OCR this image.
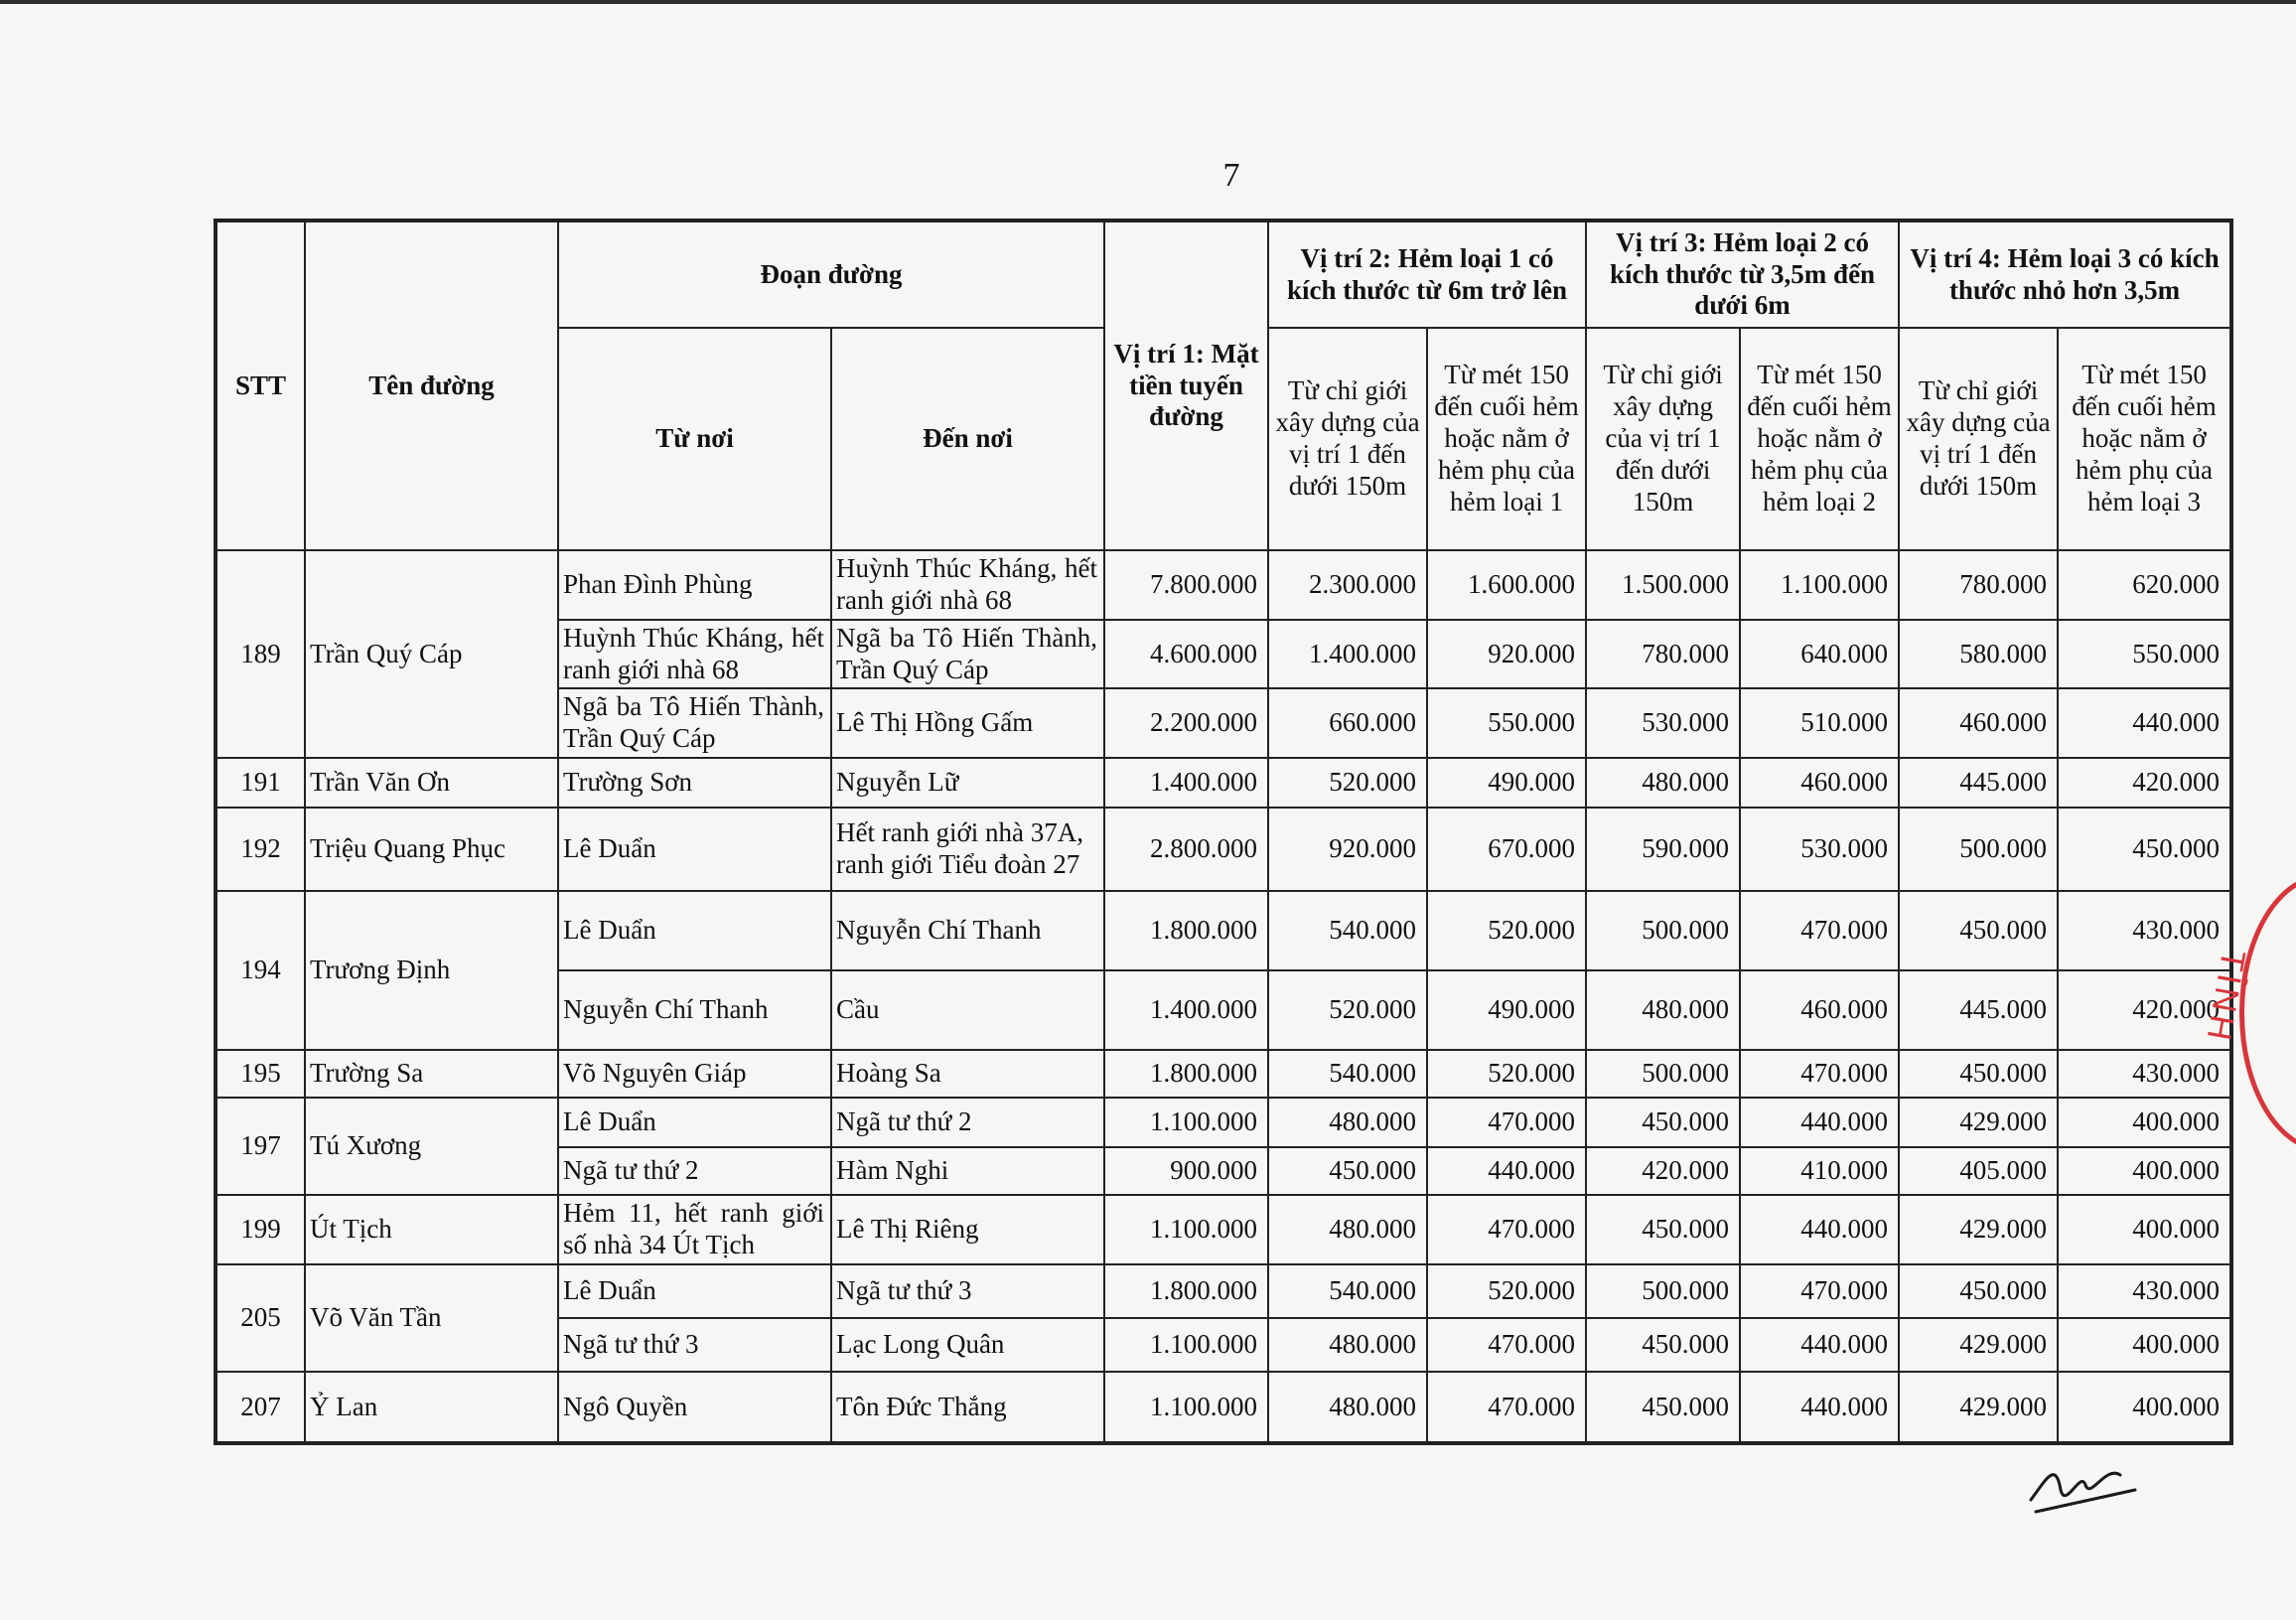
7
STT	Tên đường	Đoạn đường		Vị trí 1: Mặt tiền tuyến đường	Vị trí 2: Hẻm loại 1 có kích thước từ 6m trở lên		Vị trí 3: Hẻm loại 2 có kích thước từ 3,5m đến dưới 6m		Vị trí 4: Hẻm loại 3 có kích thước nhỏ hơn 3,5m	
		Từ nơi	Đến nơi		Từ chỉ giới xây dựng của vị trí 1 đến dưới 150m	Từ mét 150 đến cuối hẻm hoặc nằm ở hẻm phụ của hẻm loại 1	Từ chỉ giới xây dựng của vị trí 1 đến dưới 150m	Từ mét 150 đến cuối hẻm hoặc nằm ở hẻm phụ của hẻm loại 2	Từ chỉ giới xây dựng của vị trí 1 đến dưới 150m	Từ mét 150 đến cuối hẻm hoặc nằm ở hẻm phụ của hẻm loại 3
189	Trần Quý Cáp	Phan Đình Phùng	Huỳnh Thúc Kháng, hết ranh giới nhà 68	7.800.000	2.300.000	1.600.000	1.500.000	1.100.000	780.000	620.000
		Huỳnh Thúc Kháng, hết ranh giới nhà 68	Ngã ba Tô Hiến Thành, Trần Quý Cáp	4.600.000	1.400.000	920.000	780.000	640.000	580.000	550.000
		Ngã ba Tô Hiến Thành, Trần Quý Cáp	Lê Thị Hồng Gấm	2.200.000	660.000	550.000	530.000	510.000	460.000	440.000
191	Trần Văn Ơn	Trường Sơn	Nguyễn Lữ	1.400.000	520.000	490.000	480.000	460.000	445.000	420.000
192	Triệu Quang Phục	Lê Duẩn	Hết ranh giới nhà 37A, ranh giới Tiểu đoàn 27	2.800.000	920.000	670.000	590.000	530.000	500.000	450.000
194	Trương Định	Lê Duẩn	Nguyễn Chí Thanh	1.800.000	540.000	520.000	500.000	470.000	450.000	430.000
		Nguyễn Chí Thanh	Cầu	1.400.000	520.000	490.000	480.000	460.000	445.000	420.000
195	Trường Sa	Võ Nguyên Giáp	Hoàng Sa	1.800.000	540.000	520.000	500.000	470.000	450.000	430.000
197	Tú Xương	Lê Duẩn	Ngã tư thứ 2	1.100.000	480.000	470.000	450.000	440.000	429.000	400.000
		Ngã tư thứ 2	Hàm Nghi	900.000	450.000	440.000	420.000	410.000	405.000	400.000
199	Út Tịch	Hẻm 11, hết ranh giới số nhà 34 Út Tịch	Lê Thị Riêng	1.100.000	480.000	470.000	450.000	440.000	429.000	400.000
205	Võ Văn Tần	Lê Duẩn	Ngã tư thứ 3	1.800.000	540.000	520.000	500.000	470.000	450.000	430.000
		Ngã tư thứ 3	Lạc Long Quân	1.100.000	480.000	470.000	450.000	440.000	429.000	400.000
207	Ỷ Lan	Ngô Quyền	Tôn Đức Thắng	1.100.000	480.000	470.000	450.000	440.000	429.000	400.000
TỈNH
